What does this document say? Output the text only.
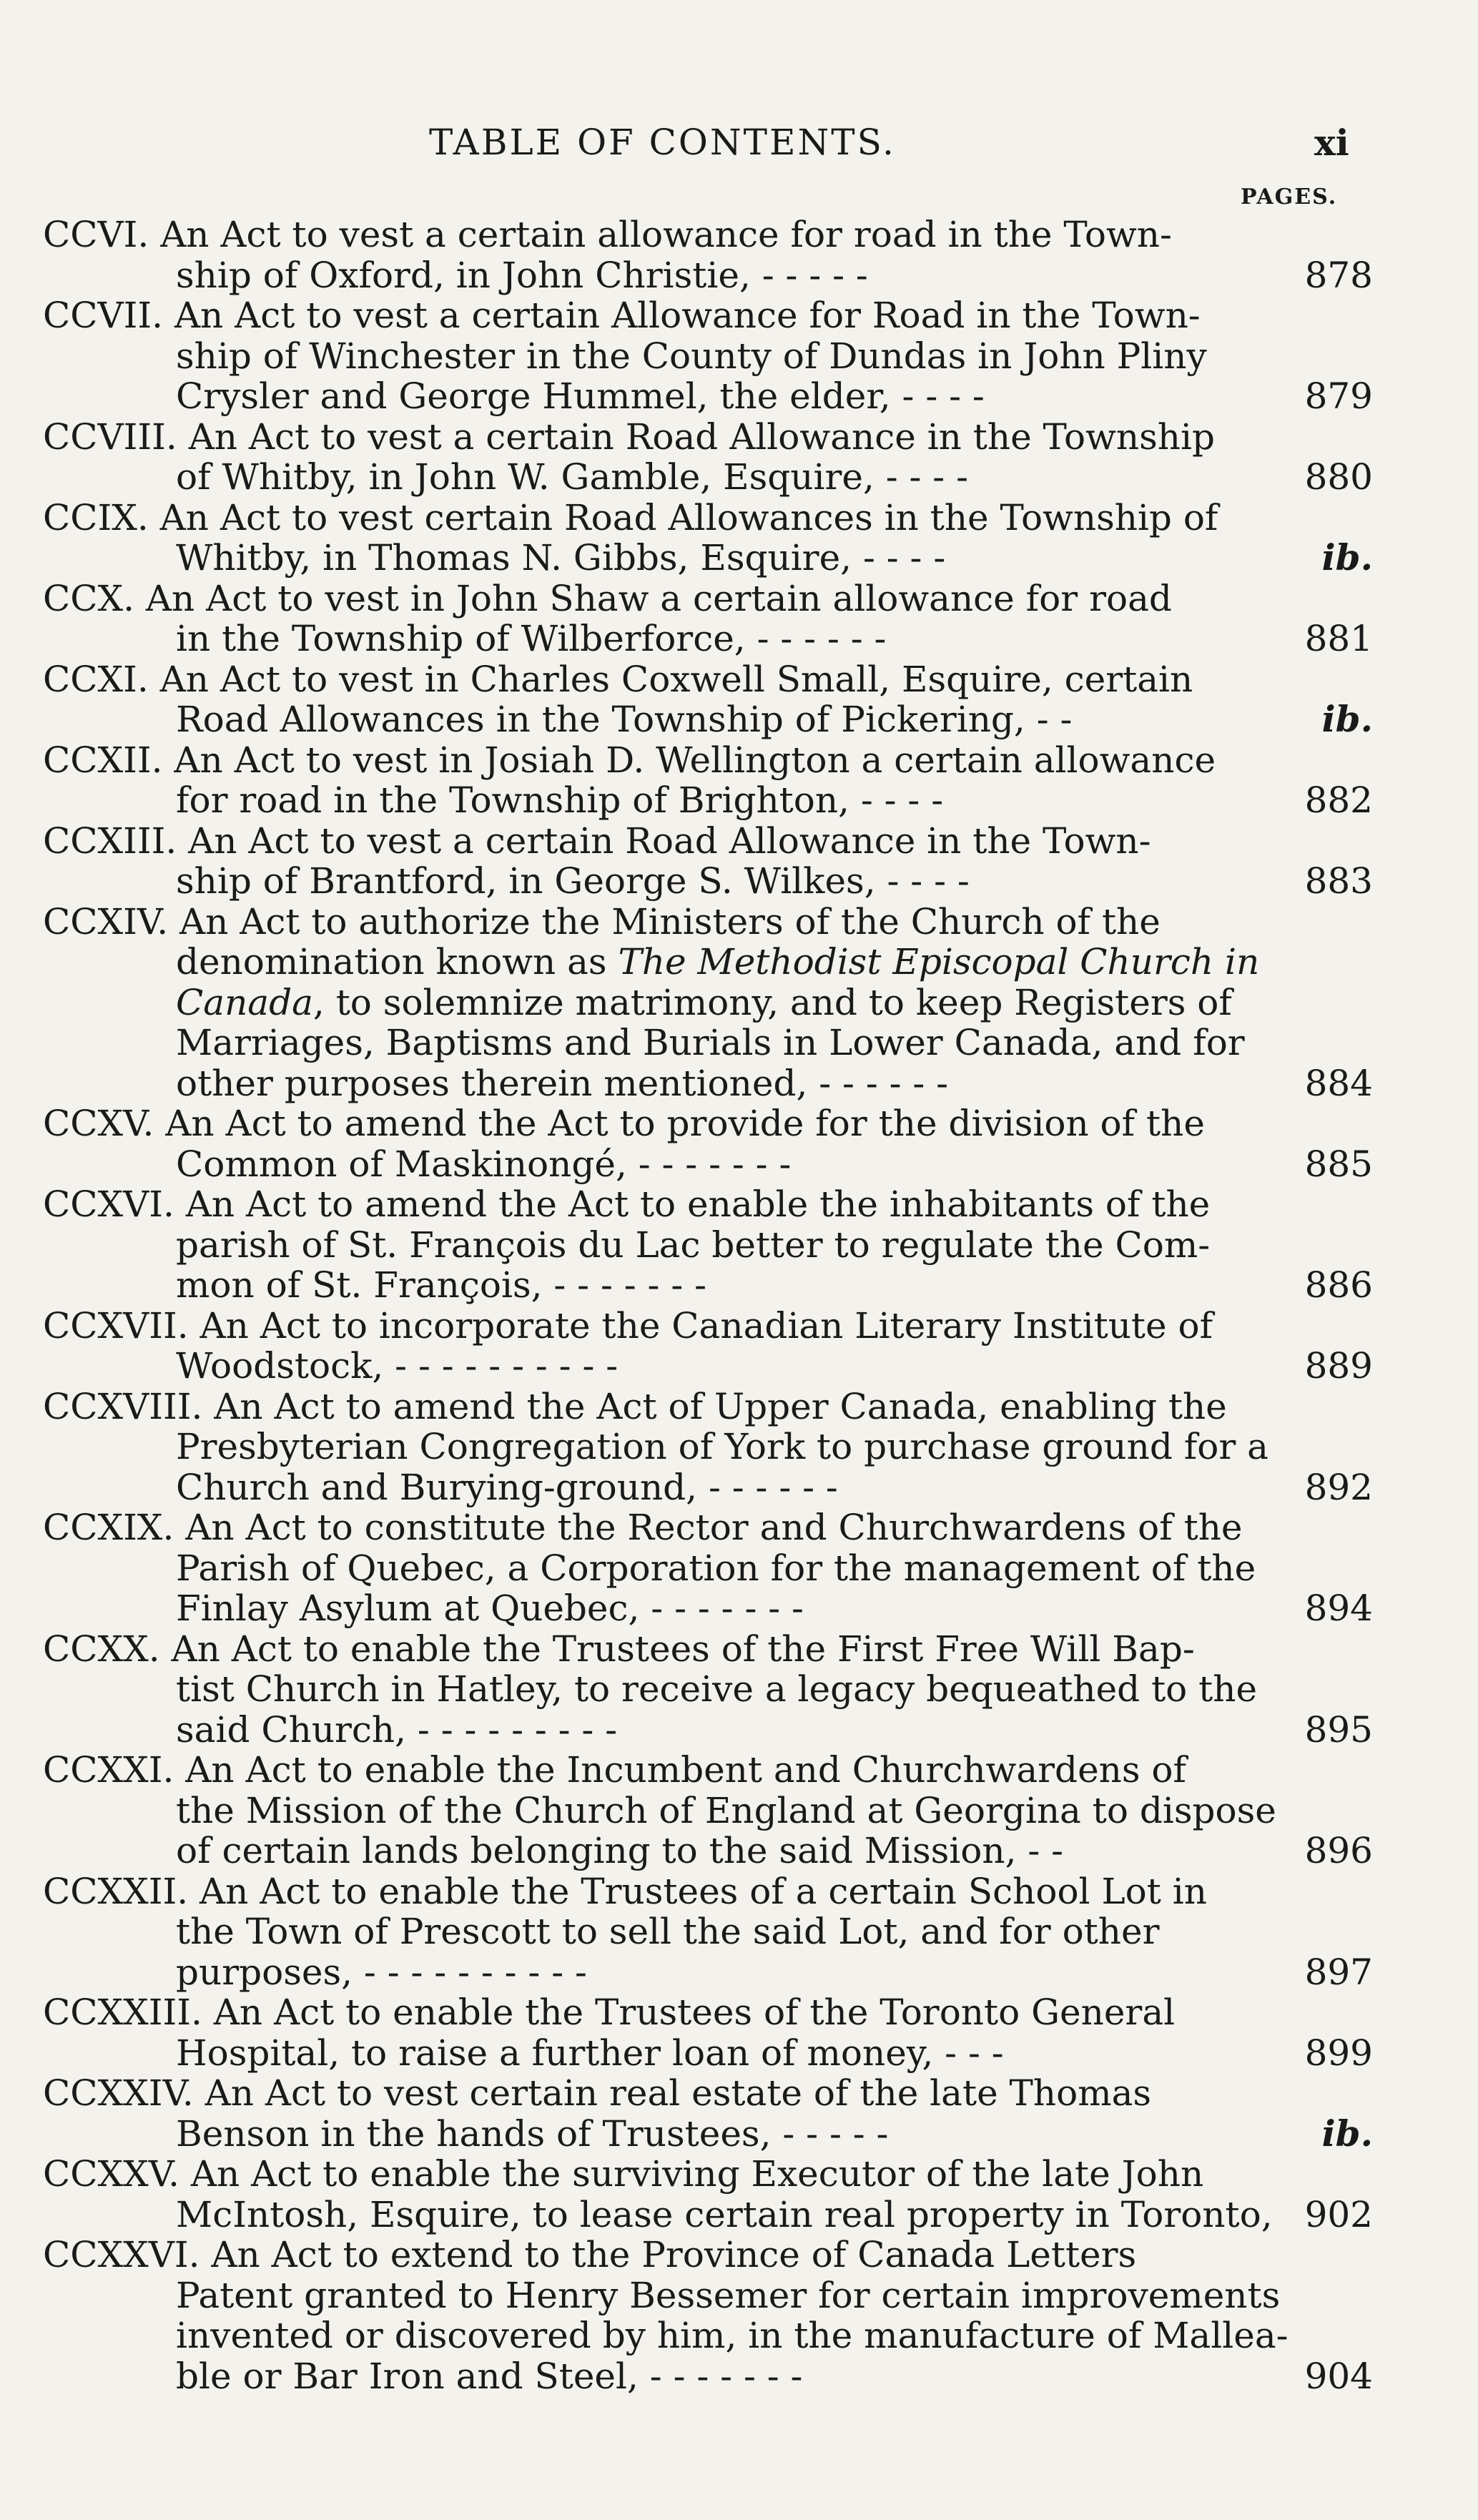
TABLE OF CONTENTS.	xi
PAGES.
CCVI. An Act to vest a certain allowance for road in the Town-
ship of Oxford, in John Christie, - - - - -	878
CCVII. An Act to vest a certain Allowance for Road in the Town-
ship of Winchester in the County of Dundas in John Pliny
Crysler and George Hummel, the elder, - - - -	879
CCVIII. An Act to vest a certain Road Allowance in the Township
of Whitby, in John W. Gamble, Esquire, - - - -	880
CCIX. An Act to vest certain Road Allowances in the Township of
Whitby, in Thomas N. Gibbs, Esquire, - - - -	ib.
CCX. An Act to vest in John Shaw a certain allowance for road
in the Township of Wilberforce, - - - - - -	881
CCXI. An Act to vest in Charles Coxwell Small, Esquire, certain
Road Allowances in the Township of Pickering, - -	ib.
CCXII. An Act to vest in Josiah D. Wellington a certain allowance
for road in the Township of Brighton, - - - -	882
CCXIII. An Act to vest a certain Road Allowance in the Town-
ship of Brantford, in George S. Wilkes, - - - -	883
CCXIV. An Act to authorize the Ministers of the Church of the
denomination known as The Methodist Episcopal Church in
Canada, to solemnize matrimony, and to keep Registers of
Marriages, Baptisms and Burials in Lower Canada, and for
other purposes therein mentioned, - - - - - -	884
CCXV. An Act to amend the Act to provide for the division of the
Common of Maskinongé, - - - - - - -	885
CCXVI. An Act to amend the Act to enable the inhabitants of the
parish of St. François du Lac better to regulate the Com-
mon of St. François, - - - - - - -	886
CCXVII. An Act to incorporate the Canadian Literary Institute of
Woodstock, - - - - - - - - - -	889
CCXVIII. An Act to amend the Act of Upper Canada, enabling the
Presbyterian Congregation of York to purchase ground for a
Church and Burying-ground, - - - - - -	892
CCXIX. An Act to constitute the Rector and Churchwardens of the
Parish of Quebec, a Corporation for the management of the
Finlay Asylum at Quebec, - - - - - - -	894
CCXX. An Act to enable the Trustees of the First Free Will Bap-
tist Church in Hatley, to receive a legacy bequeathed to the
said Church, - - - - - - - - -	895
CCXXI. An Act to enable the Incumbent and Churchwardens of
the Mission of the Church of England at Georgina to dispose
of certain lands belonging to the said Mission, - -	896
CCXXII. An Act to enable the Trustees of a certain School Lot in
the Town of Prescott to sell the said Lot, and for other
purposes, - - - - - - - - - -	897
CCXXIII. An Act to enable the Trustees of the Toronto General
Hospital, to raise a further loan of money, - - -	899
CCXXIV. An Act to vest certain real estate of the late Thomas
Benson in the hands of Trustees, - - - - -	ib.
CCXXV. An Act to enable the surviving Executor of the late John
McIntosh, Esquire, to lease certain real property in Toronto, 902
CCXXVI. An Act to extend to the Province of Canada Letters
Patent granted to Henry Bessemer for certain improvements
invented or discovered by him, in the manufacture of Mallea-
ble or Bar Iron and Steel, - - - - - - -	904
